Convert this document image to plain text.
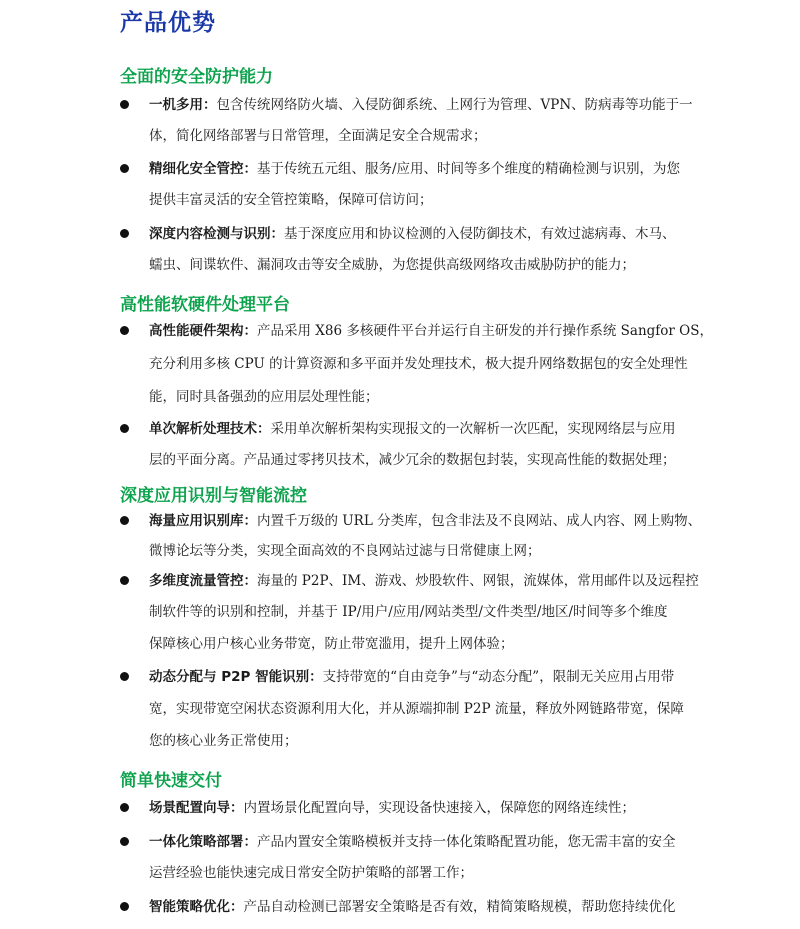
产品优势
全面的安全防护能力
一机多用：包含传统网络防火墙、入侵防御系统、上网行为管理、VPN、防病毒等功能于一
体，简化网络部署与日常管理，全面满足安全合规需求；
精细化安全管控：基于传统五元组、服务/应用、时间等多个维度的精确检测与识别，为您
提供丰富灵活的安全管控策略，保障可信访问；
深度内容检测与识别：基于深度应用和协议检测的入侵防御技术，有效过滤病毒、木马、
蠕虫、间谍软件、漏洞攻击等安全威胁，为您提供高级网络攻击威胁防护的能力；
高性能软硬件处理平台
高性能硬件架构：产品采用 X86 多核硬件平台并运行自主研发的并行操作系统 Sangfor OS，
充分利用多核 CPU 的计算资源和多平面并发处理技术，极大提升网络数据包的安全处理性
能，同时具备强劲的应用层处理性能；
单次解析处理技术：采用单次解析架构实现报文的一次解析一次匹配，实现网络层与应用
层的平面分离。产品通过零拷贝技术，减少冗余的数据包封装，实现高性能的数据处理；
深度应用识别与智能流控
海量应用识别库：内置千万级的 URL 分类库，包含非法及不良网站、成人内容、网上购物、
微博论坛等分类，实现全面高效的不良网站过滤与日常健康上网；
多维度流量管控：海量的 P2P、IM、游戏、炒股软件、网银，流媒体，常用邮件以及远程控
制软件等的识别和控制，并基于 IP/用户/应用/网站类型/文件类型/地区/时间等多个维度
保障核心用户核心业务带宽，防止带宽滥用，提升上网体验；
动态分配与 P2P 智能识别：支持带宽的“自由竞争”与“动态分配”，限制无关应用占用带
宽，实现带宽空闲状态资源利用大化，并从源端抑制 P2P 流量，释放外网链路带宽，保障
您的核心业务正常使用；
简单快速交付
场景配置向导：内置场景化配置向导，实现设备快速接入，保障您的网络连续性；
一体化策略部署：产品内置安全策略模板并支持一体化策略配置功能，您无需丰富的安全
运营经验也能快速完成日常安全防护策略的部署工作；
智能策略优化：产品自动检测已部署安全策略是否有效，精简策略规模，帮助您持续优化
